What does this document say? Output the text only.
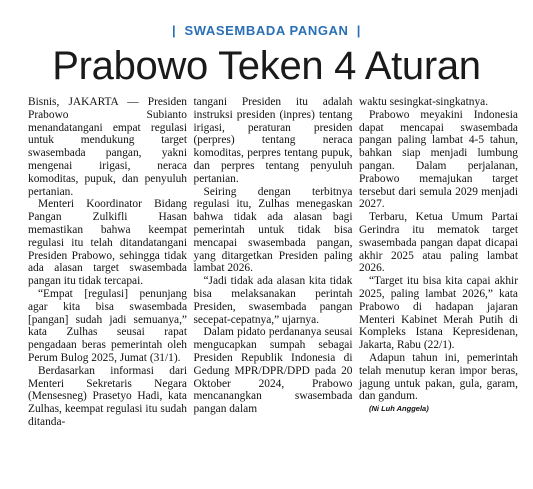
| SWASEMBADA PANGAN |
Prabowo Teken 4 Aturan

Bisnis, JAKARTA — Presiden Prabowo Subianto menandatangani empat regulasi untuk mendukung target swasembada pangan, yakni mengenai irigasi, neraca komoditas, pupuk, dan penyuluh pertanian.

Menteri Koordinator Bidang Pangan Zulkifli Hasan memastikan bahwa keempat regulasi itu telah ditandatangani Presiden Prabowo, sehingga tidak ada alasan target swasembada pangan itu tidak tercapai.

“Empat [regulasi] penunjang agar kita bisa swasembada [pangan] sudah jadi semuanya,” kata Zulhas seusai rapat pengadaan beras pemerintah oleh Perum Bulog 2025, Jumat (31/1).

Berdasarkan informasi dari Menteri Sekretaris Negara (Mensesneg) Prasetyo Hadi, kata Zulhas, keempat regulasi itu sudah ditanda-

tangani Presiden itu adalah instruksi presiden (inpres) tentang irigasi, peraturan presiden (perpres) tentang neraca komoditas, perpres tentang pupuk, dan perpres tentang penyuluh pertanian.

Seiring dengan terbitnya regulasi itu, Zulhas menegaskan bahwa tidak ada alasan bagi pemerintah untuk tidak bisa mencapai swasembada pangan, yang ditargetkan Presiden paling lambat 2026.

“Jadi tidak ada alasan kita tidak bisa melaksanakan perintah Presiden, swasembada pangan secepat-cepatnya,” ujarnya.

Dalam pidato perdananya seusai mengucapkan sumpah sebagai Presiden Republik Indonesia di Gedung MPR/DPR/DPD pada 20 Oktober 2024, Prabowo mencanangkan swasembada pangan dalam

waktu sesingkat-singkatnya.

Prabowo meyakini Indonesia dapat mencapai swasembada pangan paling lambat 4-5 tahun, bahkan siap menjadi lumbung pangan. Dalam perjalanan, Prabowo memajukan target tersebut dari semula 2029 menjadi 2027.

Terbaru, Ketua Umum Partai Gerindra itu mematok target swasembada pangan dapat dicapai akhir 2025 atau paling lambat 2026.

“Target itu bisa kita capai akhir 2025, paling lambat 2026,” kata Prabowo di hadapan jajaran Menteri Kabinet Merah Putih di Kompleks Istana Kepresidenan, Jakarta, Rabu (22/1).

Adapun tahun ini, pemerintah telah menutup keran impor beras, jagung untuk pakan, gula, garam, dan gandum.

(Ni Luh Anggela)
